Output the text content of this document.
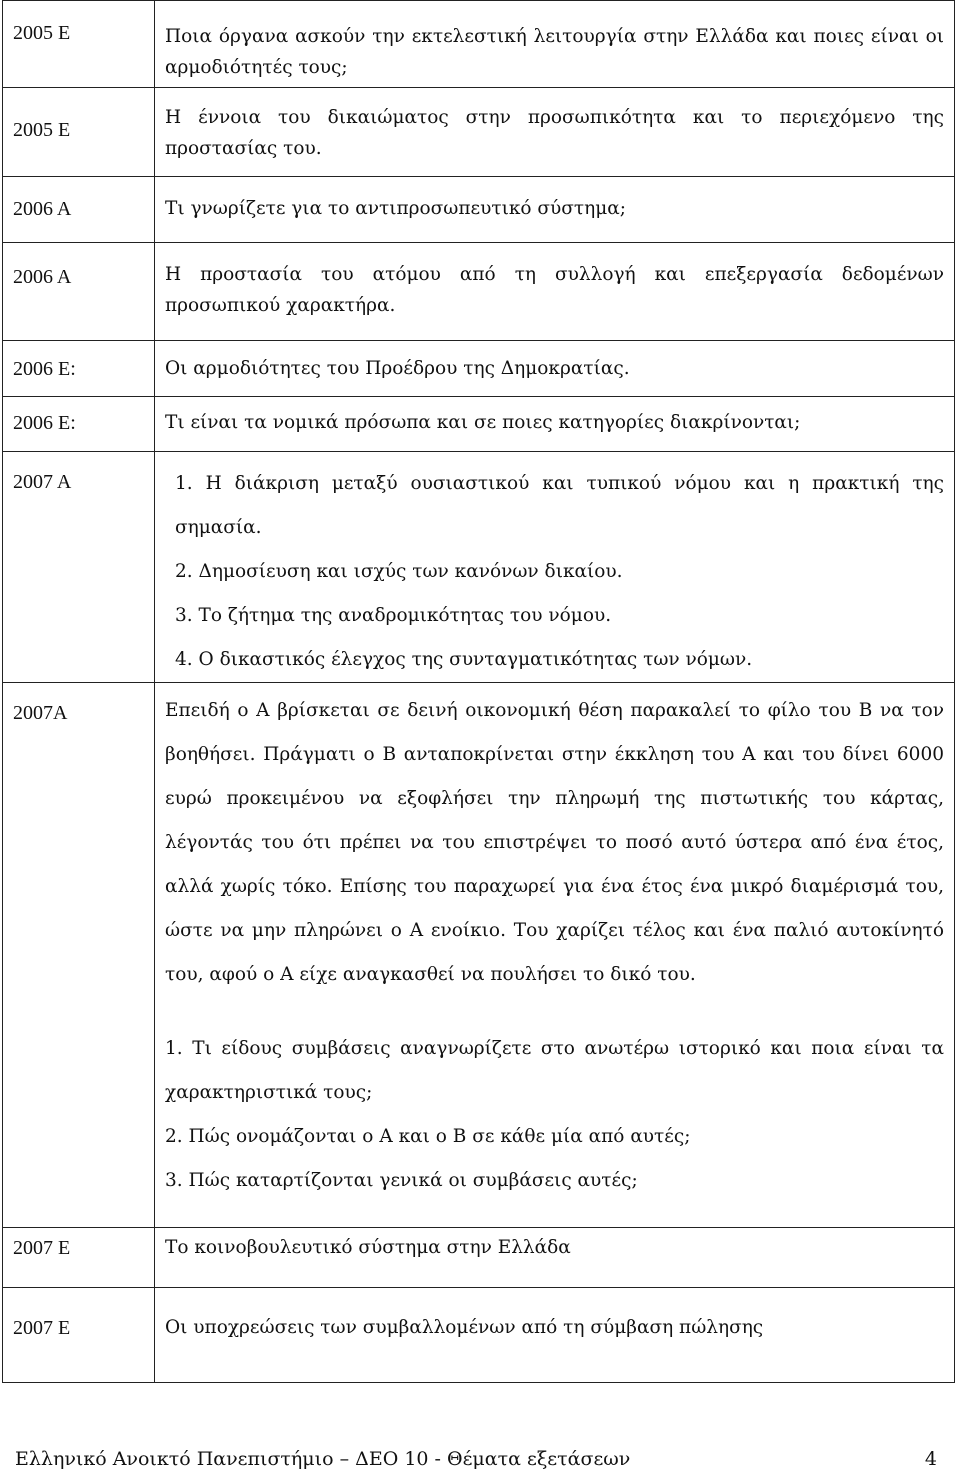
2005 Ε	Ποια όργανα ασκούν την εκτελεστική λειτουργία στην Ελλάδα και ποιες είναι οι αρμοδιότητές τους;

2005 Ε	Η έννοια του δικαιώματος στην προσωπικότητα και το περιεχόμενο της προστασίας του.

2006 Α	Τι γνωρίζετε για το αντιπροσωπευτικό σύστημα;

2006 Α	Η προστασία του ατόμου από τη συλλογή και επεξεργασία δεδομένων προσωπικού χαρακτήρα.

2006 Ε:	Οι αρμοδιότητες του Προέδρου της Δημοκρατίας.

2006 Ε:	Τι είναι τα νομικά πρόσωπα και σε ποιες κατηγορίες διακρίνονται;

2007 Α	1. Η διάκριση μεταξύ ουσιαστικού και τυπικού νόμου και η πρακτική της σημασία.
2. Δημοσίευση και ισχύς των κανόνων δικαίου.
3. Το ζήτημα της αναδρομικότητας του νόμου.
4. Ο δικαστικός έλεγχος της συνταγματικότητας των νόμων.

2007Α	Επειδή ο Α βρίσκεται σε δεινή οικονομική θέση παρακαλεί το φίλο του Β να τον βοηθήσει. Πράγματι ο Β ανταποκρίνεται στην έκκληση του Α και του δίνει 6000 ευρώ προκειμένου να εξοφλήσει την πληρωμή της πιστωτικής του κάρτας, λέγοντάς του ότι πρέπει να του επιστρέψει το ποσό αυτό ύστερα από ένα έτος, αλλά χωρίς τόκο. Επίσης του παραχωρεί για ένα έτος ένα μικρό διαμέρισμά του, ώστε να μην πληρώνει ο Α ενοίκιο. Του χαρίζει τέλος και ένα παλιό αυτοκίνητό του, αφού ο Α είχε αναγκασθεί να πουλήσει το δικό του.
1. Τι είδους συμβάσεις αναγνωρίζετε στο ανωτέρω ιστορικό και ποια είναι τα χαρακτηριστικά τους;
2. Πώς ονομάζονται ο Α και ο Β σε κάθε μία από αυτές;
3. Πώς καταρτίζονται γενικά οι συμβάσεις αυτές;

2007 Ε	Το κοινοβουλευτικό σύστημα στην Ελλάδα

2007 Ε	Οι υποχρεώσεις των συμβαλλομένων από τη σύμβαση πώλησης
Ελληνικό Ανοικτό Πανεπιστήμιο – ΔΕΟ 10 - Θέματα εξετάσεων	4
